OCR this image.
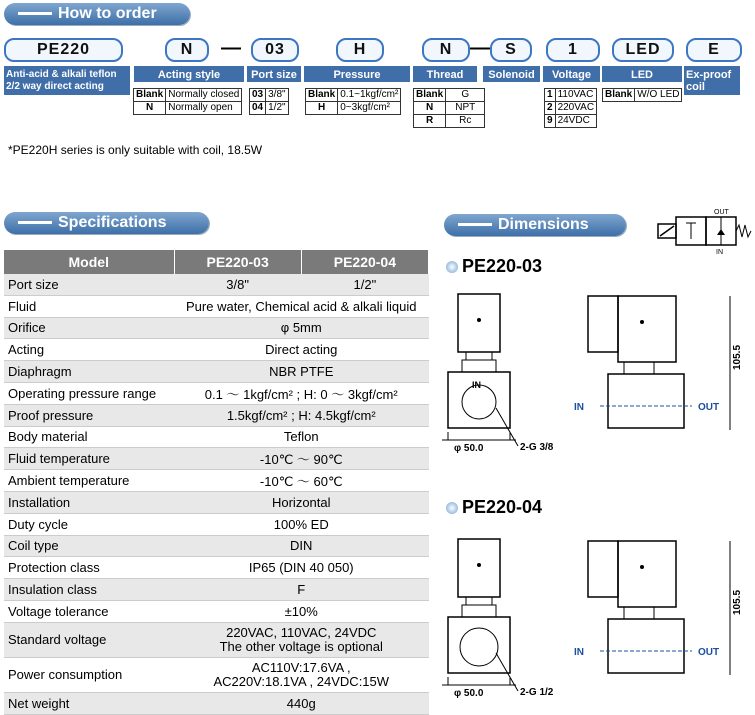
How to order
PE220	N	—	03	H	N — S	1	LED	E
Anti-acid & alkali teflon 2/2 way direct acting
Acting style	Port size	Pressure	Thread	Solenoid	Voltage	LED	Ex-proof coil
Blank	Normally closed
N	Normally open
03	3/8"
04	1/2"
Blank	0.1~1kgf/cm²
H	0~3kgf/cm²
Blank	G
N	NPT
R	Rc
1	110VAC
2	220VAC
9	24VDC
Blank	W/O LED
*PE220H series is only suitable with coil, 18.5W
Specifications
Model	PE220-03	PE220-04
Port size	3/8"	1/2"
Fluid	Pure water, Chemical acid & alkali liquid	
Orifice	φ 5mm	
Acting	Direct acting	
Diaphragm	NBR PTFE	
Operating pressure range	0.1 ～ 1kgf/cm² ; H: 0 ～ 3kgf/cm²	
Proof pressure	1.5kgf/cm² ; H: 4.5kgf/cm²	
Body material	Teflon	
Fluid temperature	-10℃ ～ 90℃	
Ambient temperature	-10℃ ～ 60℃	
Installation	Horizontal	
Duty cycle	100% ED	
Coil type	DIN	
Protection class	IP65 (DIN 40 050)	
Insulation class	F	
Voltage tolerance	±10%	
Standard voltage	220VAC, 110VAC, 24VDC
The other voltage is optional	
Power consumption	AC110V:17.6VA ,
AC220V:18.1VA , 24VDC:15W	
Net weight	440g	
Dimensions
OUT
IN
PE220-03
IN
φ 50.0	2-G 3/8
IN	OUT
105.5
PE220-04
φ 50.0	2-G 1/2
IN	OUT
105.5
